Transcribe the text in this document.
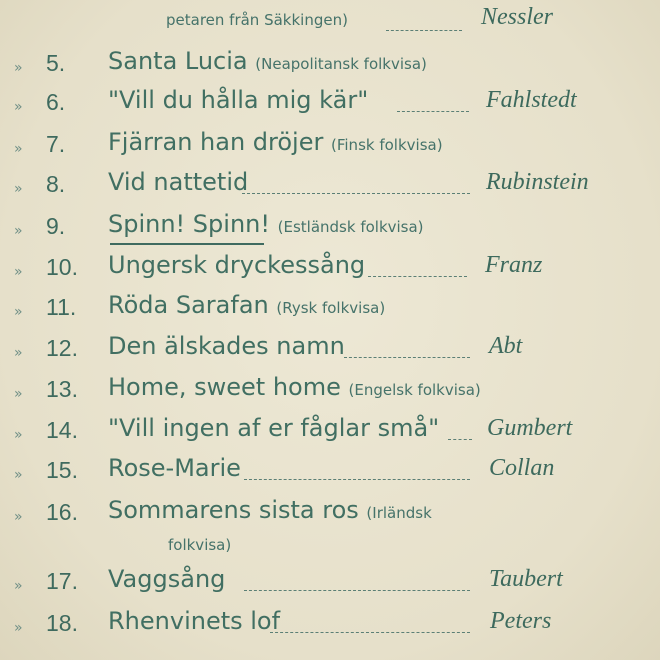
petaren från Säkkingen)	Nessler
» 5. Santa Lucia (Neapolitansk folkvisa)
» 6. "Vill du hålla mig kär"	Fahlstedt
» 7. Fjärran han dröjer (Finsk folkvisa)
» 8. Vid nattetid	Rubinstein
» 9. Spinn! Spinn! (Estländsk folkvisa)
» 10. Ungersk dryckessång	Franz
» 11. Röda Sarafan (Rysk folkvisa)
» 12. Den älskades namn	Abt
» 13. Home, sweet home (Engelsk folkvisa)
» 14. "Vill ingen af er fåglar små" Gumbert
» 15. Rose-Marie	Collan
» 16. Sommarens sista ros (Irländsk
folkvisa)
» 17. Vaggsång	Taubert
» 18. Rhenvinets lof	Peters
